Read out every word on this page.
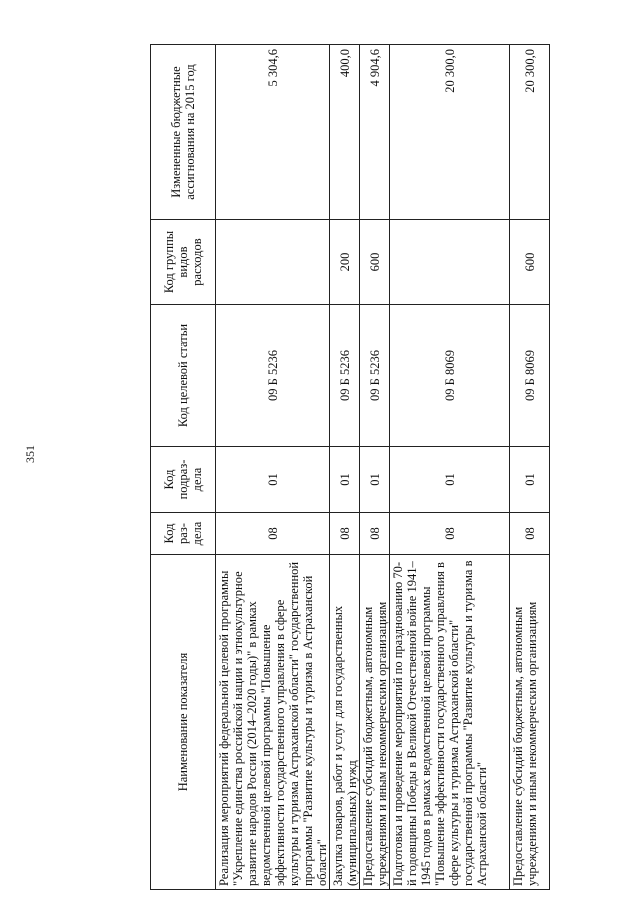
351
Наименование показателя	Код раз-дела	Код подраз-дела	Код целевой статьи	Код группы видов расходов	Измененные бюджетные ассигнования на 2015 год
Реализация мероприятий федеральной целевой программы "Укрепление единства российской нации и этнокультурное развитие народов России (2014–2020 годы)" в рамках ведомственной целевой программы "Повышение эффективности государственного управления в сфере культуры и туризма Астраханской области" государственной программы "Развитие культуры и туризма в Астраханской области"	08	01	09 Б 5236		5 304,6
Закупка товаров, работ и услуг для государственных (муниципальных) нужд	08	01	09 Б 5236	200	400,0
Предоставление субсидий бюджетным, автономным учреждениям и иным некоммерческим организациям	08	01	09 Б 5236	600	4 904,6
Подготовка и проведение мероприятий по празднованию 70-й годовщины Победы в Великой Отечественной войне 1941–1945 годов в рамках ведомственной целевой программы "Повышение эффективности государственного управления в сфере культуры и туризма Астраханской области" государственной программы "Развитие культуры и туризма в Астраханской области"	08	01	09 Б 8069		20 300,0
Предоставление субсидий бюджетным, автономным учреждениям и иным некоммерческим организациям	08	01	09 Б 8069	600	20 300,0
